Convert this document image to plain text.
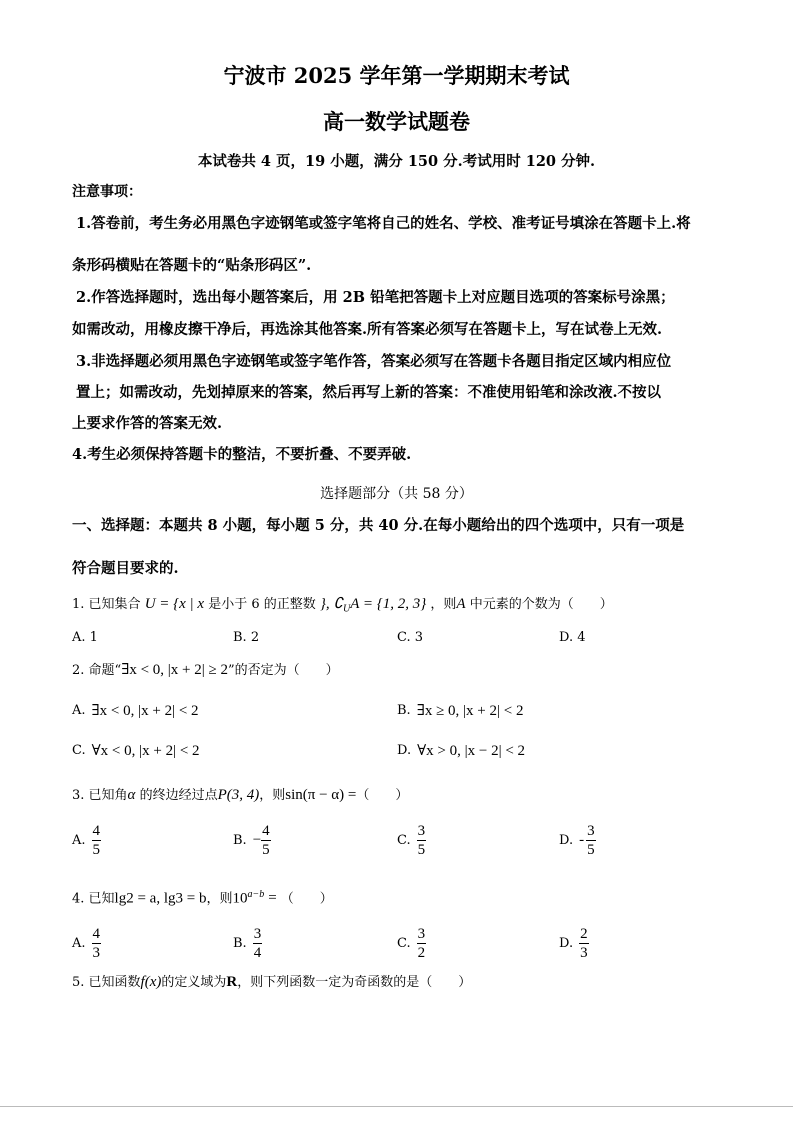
宁波市 2025 学年第一学期期末考试
高一数学试题卷
本试卷共 4 页，19 小题，满分 150 分.考试用时 120 分钟.
注意事项：
1.答卷前，考生务必用黑色字迹钢笔或签字笔将自己的姓名、学校、准考证号填涂在答题卡上.将
条形码横贴在答题卡的“贴条形码区”.
2.作答选择题时，选出每小题答案后，用 2B 铅笔把答题卡上对应题目选项的答案标号涂黑；
如需改动，用橡皮擦干净后，再选涂其他答案.所有答案必须写在答题卡上，写在试卷上无效.
3.非选择题必须用黑色字迹钢笔或签字笔作答，答案必须写在答题卡各题目指定区域内相应位
置上；如需改动，先划掉原来的答案，然后再写上新的答案：不准使用铅笔和涂改液.不按以
上要求作答的答案无效.
4.考生必须保持答题卡的整洁，不要折叠、不要弄破.
选择题部分（共 58 分）
一、选择题：本题共 8 小题，每小题 5 分，共 40 分.在每小题给出的四个选项中，只有一项是
符合题目要求的.
1. 已知集合 U = {x | x 是小于 6 的正整数 }, $∁_UA = \{1$, 2, 3} ，则A 中元素的个数为（　　）
A. 1	B. 2	C. 3	D. 4
2. 命题“∃x < 0, |x + 2| ≥ 2”的否定为（　　）
A. ∃x < 0, |x + 2| < 2	B. ∃x ≥ 0, |x + 2| < 2
C. ∀x < 0, |x + 2| < 2	D. ∀x > 0, |x − 2| < 2
3. 已知角α 的终边经过点P(3, 4)，则sin(π − α) =（　　）
A. $\frac{4}{5}$	B. − $\frac{4}{5}$	C. $\frac{3}{5}$	D. - $\frac{3}{5}$
4. 已知lg2 = a, lg3 = b，则$10^{a-b}$ = （　　）
A. $\frac{4}{3}$	B. $\frac{3}{4}$	C. $\frac{3}{2}$	D. $\frac{2}{3}$
5. 已知函数f(x)的定义域为R，则下列函数一定为奇函数的是（　　）
